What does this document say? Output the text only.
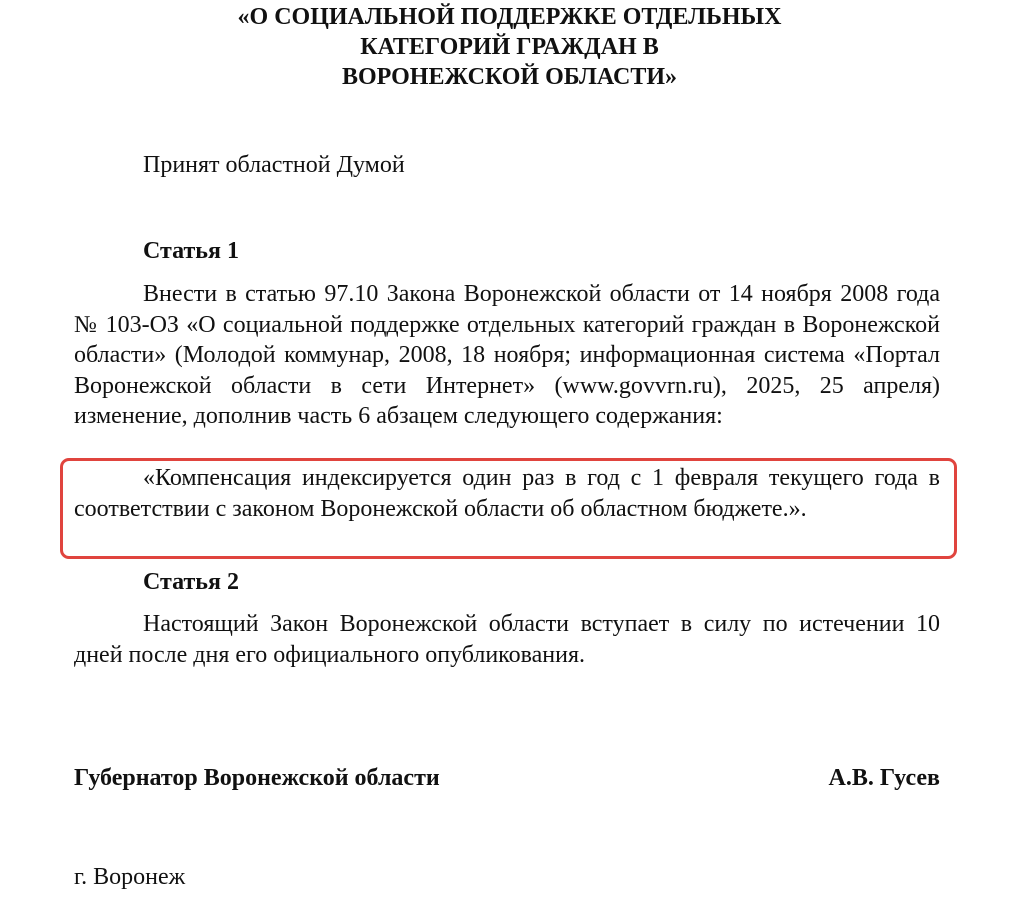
«О СОЦИАЛЬНОЙ ПОДДЕРЖКЕ ОТДЕЛЬНЫХ
КАТЕГОРИЙ ГРАЖДАН В
ВОРОНЕЖСКОЙ ОБЛАСТИ»

Принят областной Думой

Статья 1

Внести в статью 97.10 Закона Воронежской области от 14 ноября 2008 года № 103-ОЗ «О социальной поддержке отдельных категорий граждан в Воронежской области» (Молодой коммунар, 2008, 18 ноября; информационная система «Портал Воронежской области в сети Интернет» (www.govvrn.ru), 2025, 25 апреля) изменение, дополнив часть 6 абзацем следующего содержания:

«Компенсация индексируется один раз в год с 1 февраля текущего года в соответствии с законом Воронежской области об областном бюджете.».

Статья 2

Настоящий Закон Воронежской области вступает в силу по истечении 10 дней после дня его официального опубликования.

Губернатор Воронежской области	А.В. Гусев

г. Воронеж
